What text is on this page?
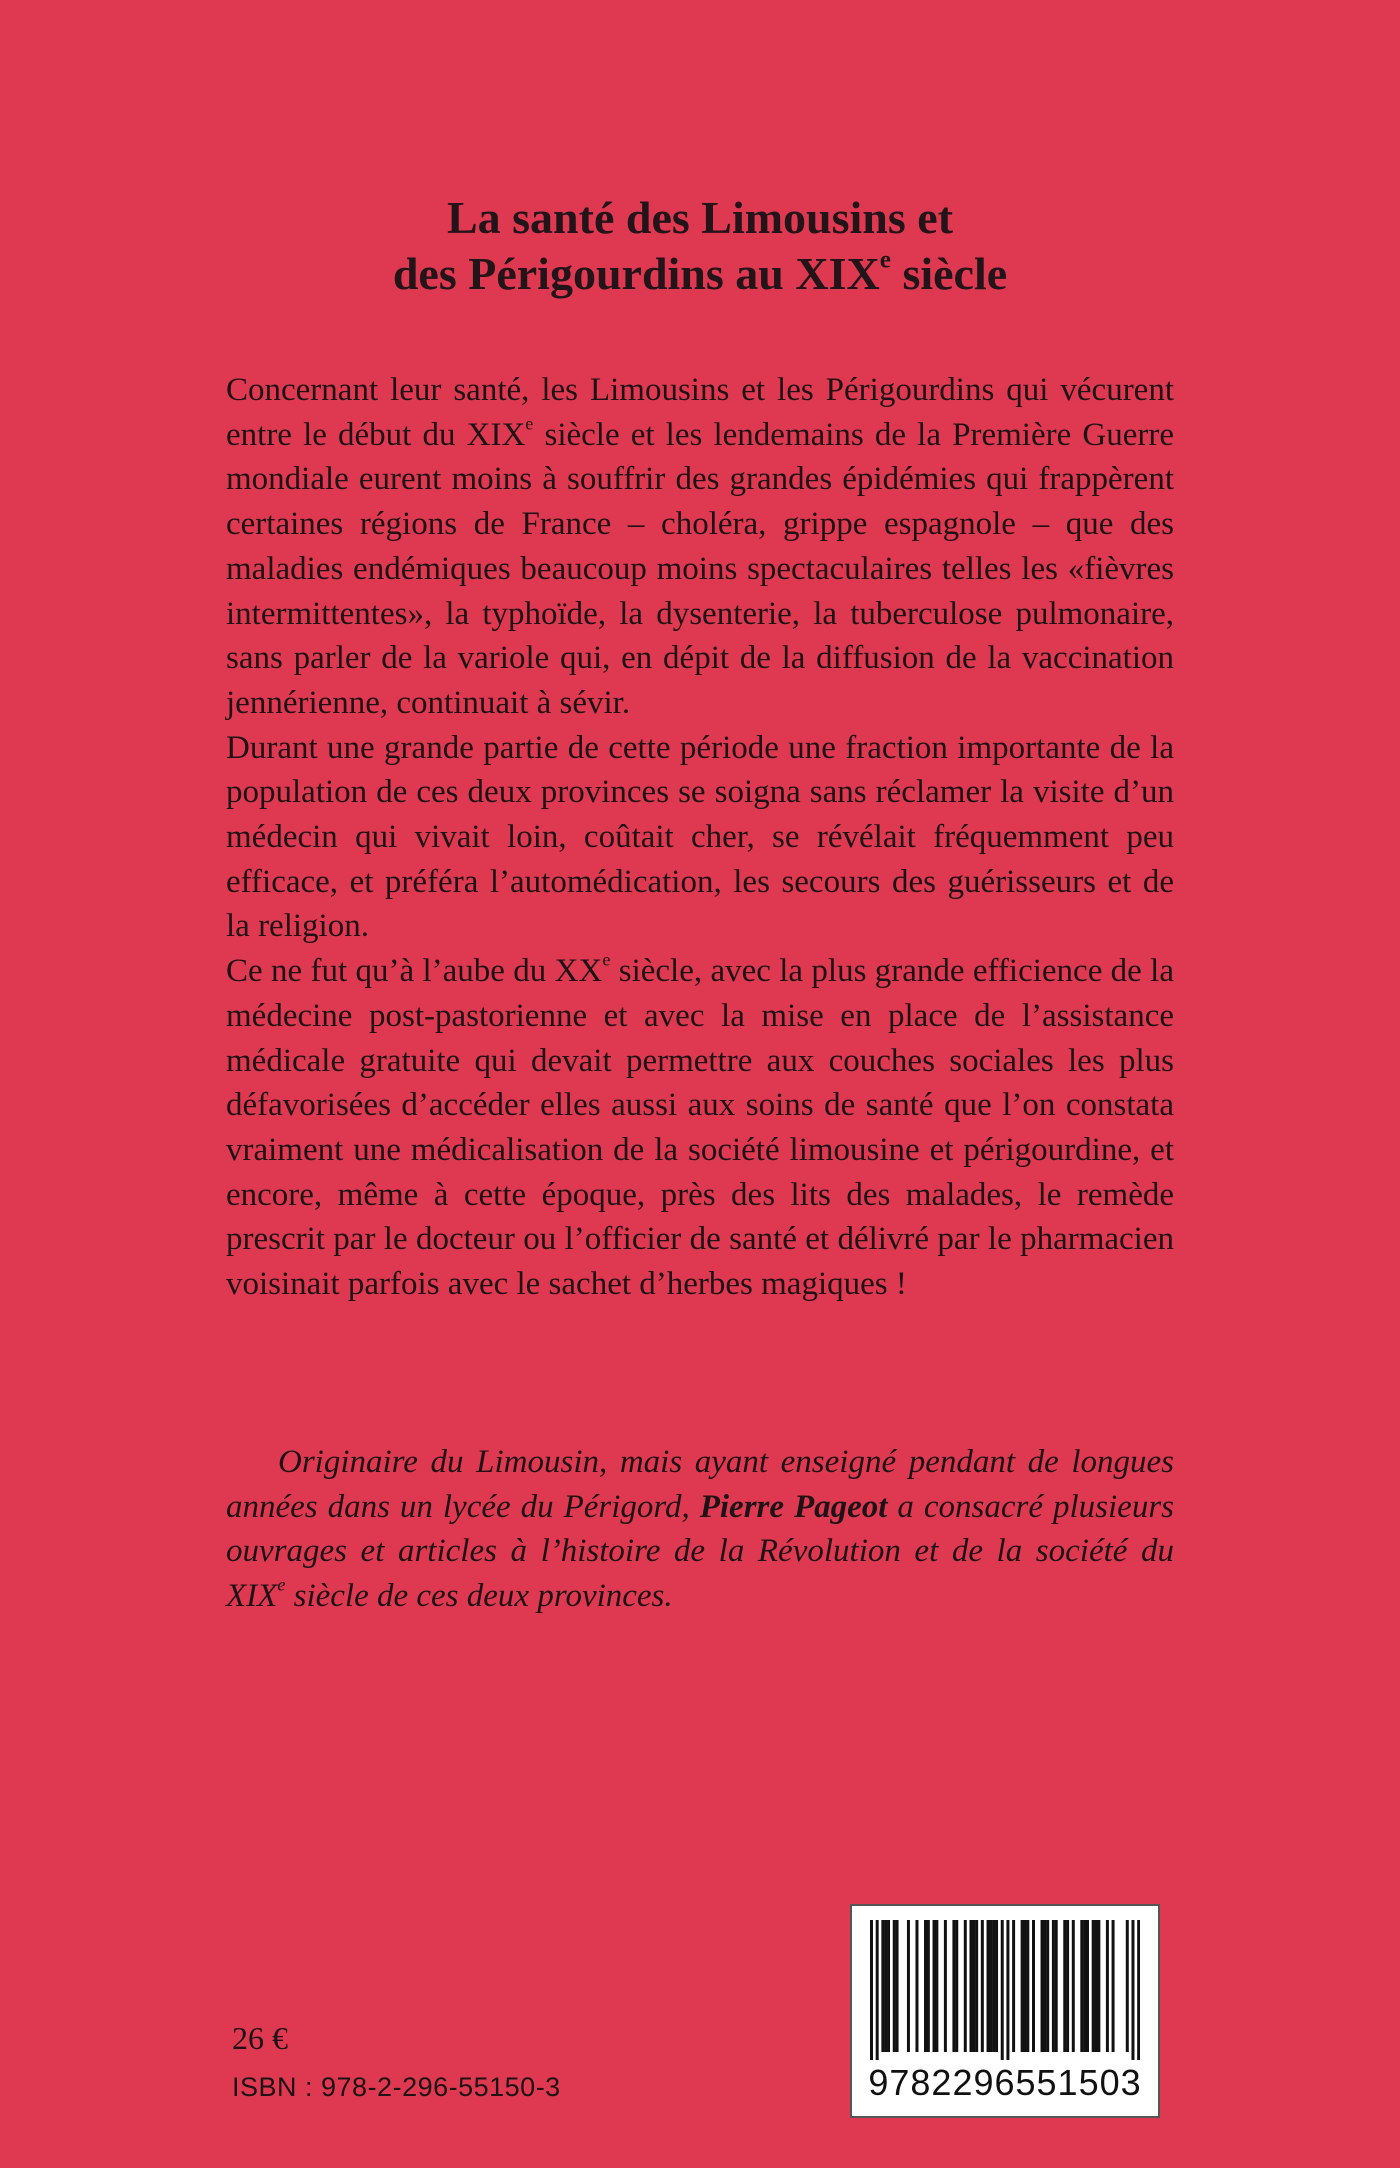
La santé des Limousins et
des Périgourdins au XIXe siècle

Concernant leur santé, les Limousins et les Périgourdins qui vécurent entre le début du XIXe siècle et les lendemains de la Première Guerre mondiale eurent moins à souffrir des grandes épidémies qui frappèrent certaines régions de France – choléra, grippe espagnole – que des maladies endémiques beaucoup moins spectaculaires telles les «fièvres intermittentes», la typhoïde, la dysenterie, la tuberculose pulmonaire, sans parler de la variole qui, en dépit de la diffusion de la vaccination jennérienne, continuait à sévir.

Durant une grande partie de cette période une fraction importante de la population de ces deux provinces se soigna sans réclamer la visite d’un médecin qui vivait loin, coûtait cher, se révélait fréquemment peu efficace, et préféra l’automédication, les secours des guérisseurs et de la religion.

Ce ne fut qu’à l’aube du XXe siècle, avec la plus grande efficience de la médecine post-pastorienne et avec la mise en place de l’assistance médicale gratuite qui devait permettre aux couches sociales les plus défavorisées d’accéder elles aussi aux soins de santé que l’on constata vraiment une médicalisation de la société limousine et périgourdine, et encore, même à cette époque, près des lits des malades, le remède prescrit par le docteur ou l’officier de santé et délivré par le pharmacien voisinait parfois avec le sachet d’herbes magiques !

Originaire du Limousin, mais ayant enseigné pendant de longues années dans un lycée du Périgord, Pierre Pageot a consacré plusieurs ouvrages et articles à l’histoire de la Révolution et de la société du XIXe siècle de ces deux provinces.

26 €
ISBN : 978-2-296-55150-3	9782296551503
